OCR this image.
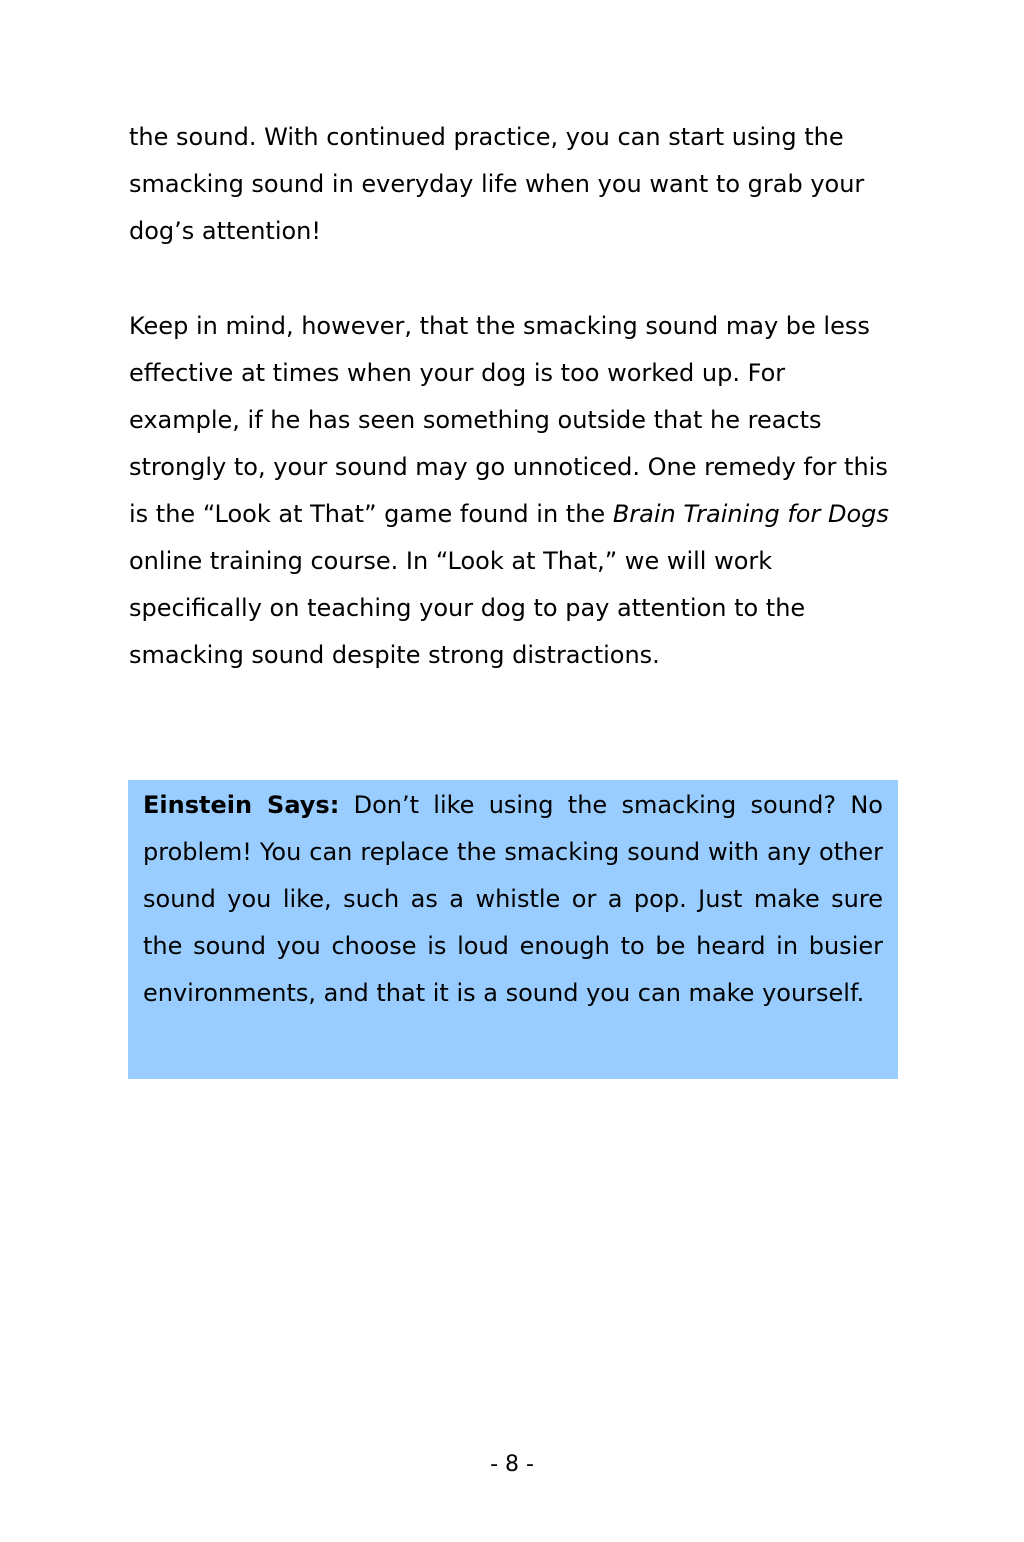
the sound. With continued practice, you can start using the smacking sound in everyday life when you want to grab your dog’s attention!

Keep in mind, however, that the smacking sound may be less effective at times when your dog is too worked up. For example, if he has seen something outside that he reacts strongly to, your sound may go unnoticed. One remedy for this is the “Look at That” game found in the Brain Training for Dogs online training course. In “Look at That,” we will work specifically on teaching your dog to pay attention to the smacking sound despite strong distractions.

Einstein Says: Don’t like using the smacking sound? No problem! You can replace the smacking sound with any other sound you like, such as a whistle or a pop. Just make sure the sound you choose is loud enough to be heard in busier environments, and that it is a sound you can make yourself.

- 8 -
